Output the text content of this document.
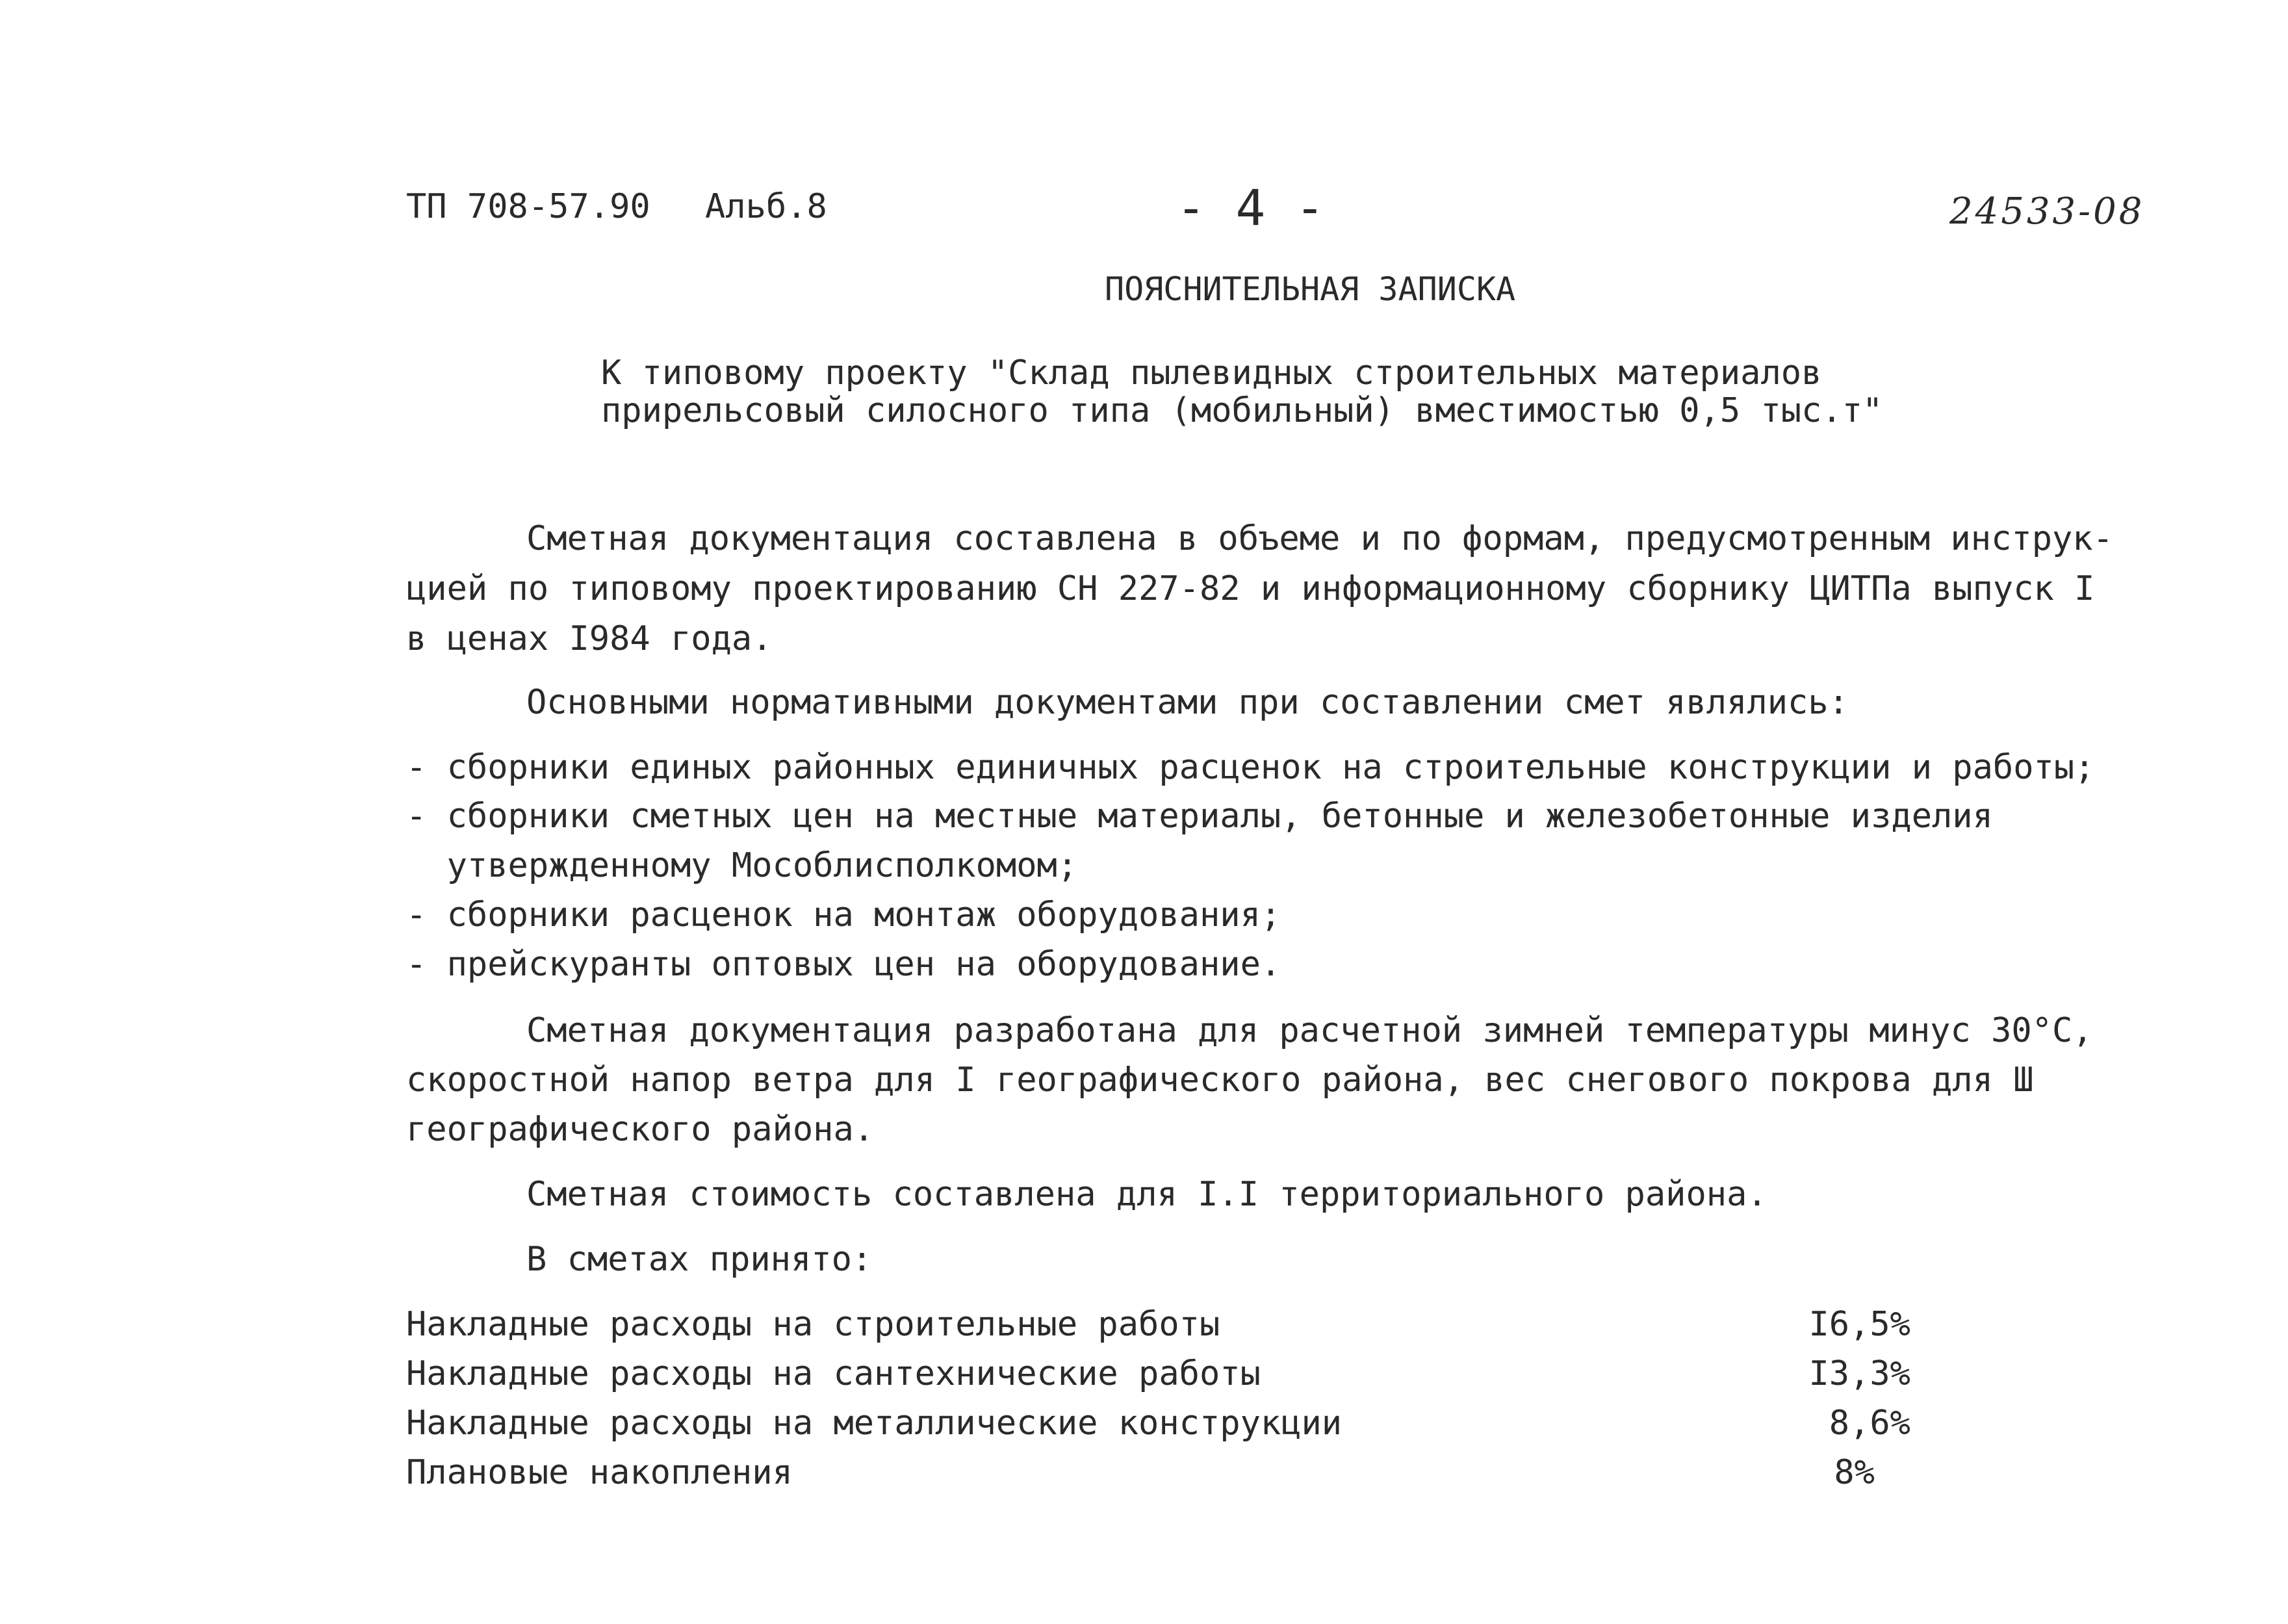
ТП 708-57.90 Альб.8	- 4 -	24533-08
ПОЯСНИТЕЛЬНАЯ ЗАПИСКА
К типовому проекту "Склад пылевидных строительных материалов
прирельсовый силосного типа (мобильный) вместимостью 0,5 тыс.т"
Сметная документация составлена в объеме и по формам, предусмотренным инструк-
цией по типовому проектированию СН 227-82 и информационному сборнику ЦИТПа выпуск I
в ценах I984 года.
Основными нормативными документами при составлении смет являлись:
- сборники единых районных единичных расценок на строительные конструкции и работы;
- сборники сметных цен на местные материалы, бетонные и железобетонные изделия
утвержденному Мособлисполкомом;
- сборники расценок на монтаж оборудования;
- прейскуранты оптовых цен на оборудование.
Сметная документация разработана для расчетной зимней температуры минус 30°С,
скоростной напор ветра для I географического района, вес снегового покрова для Ш
географического района.
Сметная стоимость составлена для I.I территориального района.
В сметах принято:
Накладные расходы на строительные работы	I6,5%
Накладные расходы на сантехнические работы	I3,3%
Накладные расходы на металлические конструкции	8,6%
Плановые накопления	8%
